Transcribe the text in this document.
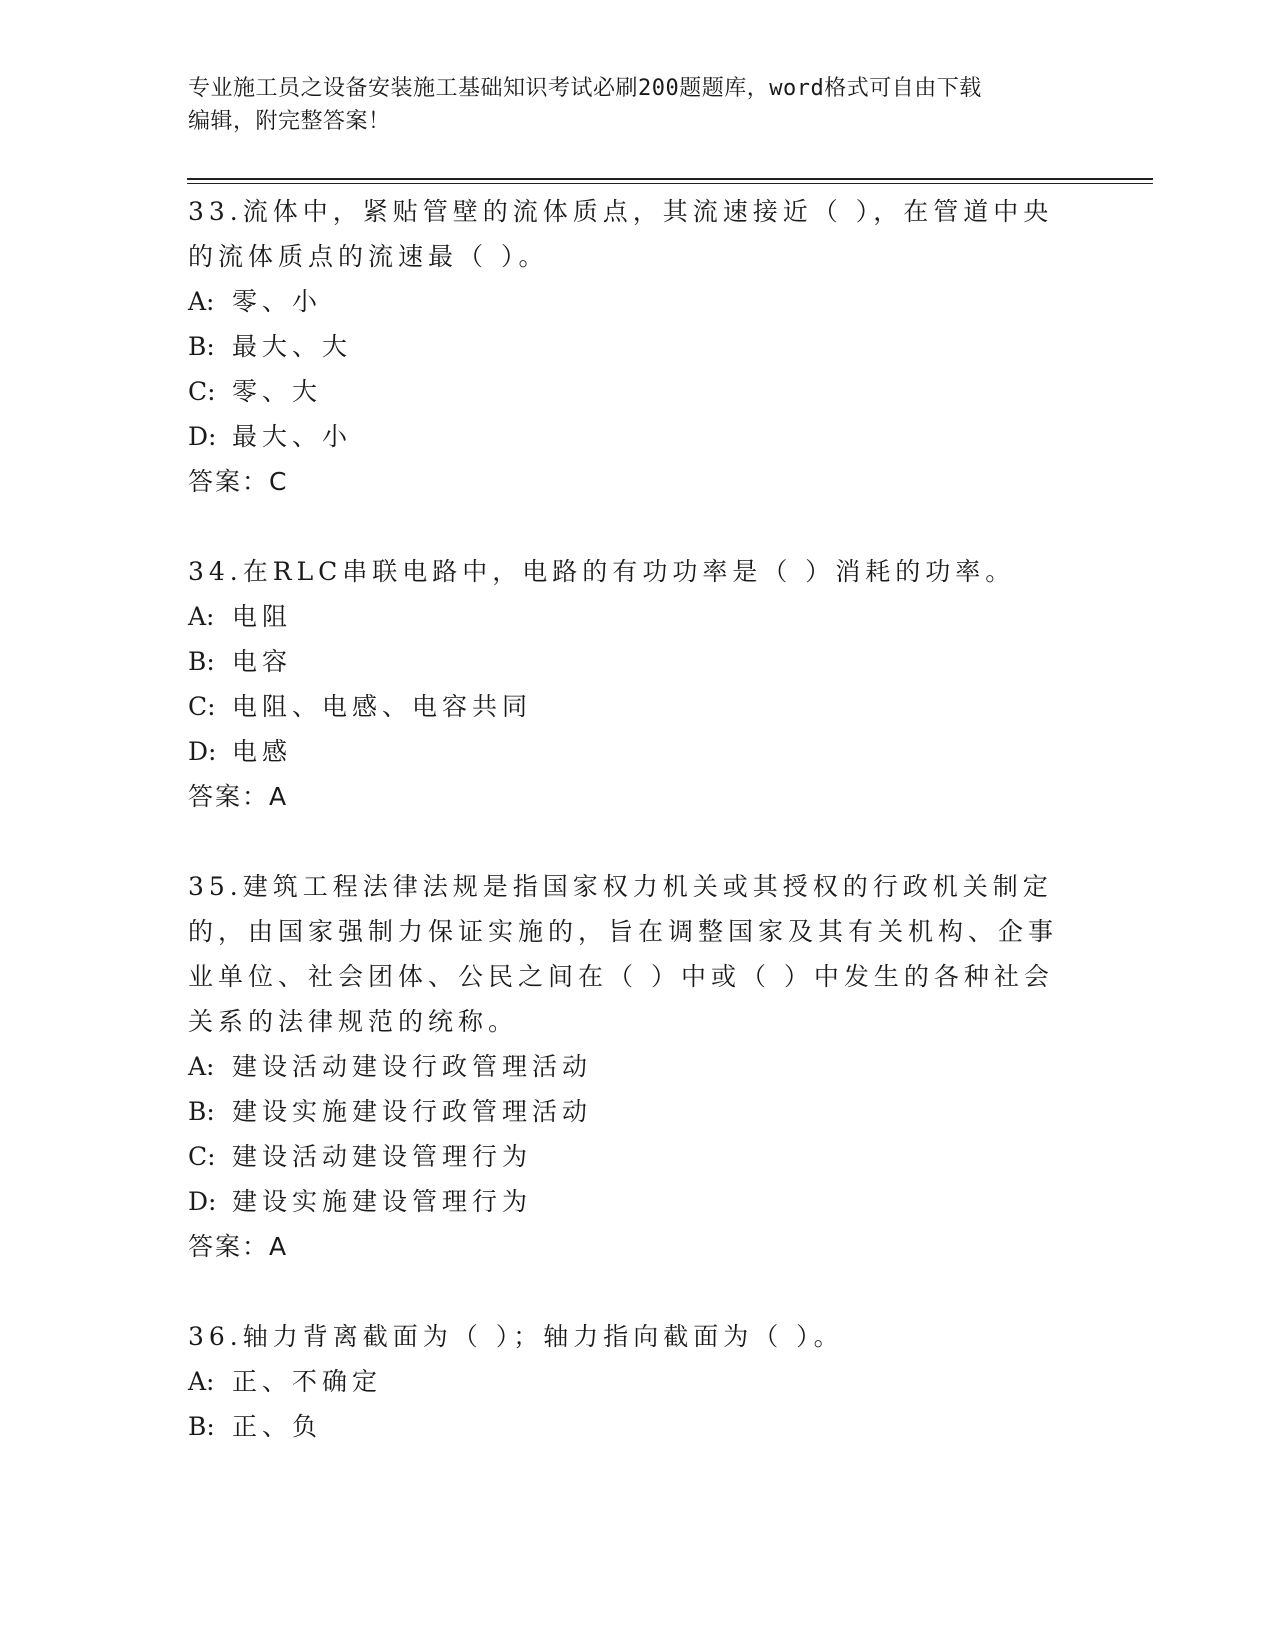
专业施工员之设备安装施工基础知识考试必刷200题题库，word格式可自由下载
编辑，附完整答案！
33.流体中，紧贴管壁的流体质点，其流速接近（ ），在管道中央的流体质点的流速最（ ）。
A: 零、小
B: 最大、大
C: 零、大
D: 最大、小
答案：C
34.在RLC串联电路中，电路的有功功率是（ ）消耗的功率。
A: 电阻
B: 电容
C: 电阻、电感、电容共同
D: 电感
答案：A
35.建筑工程法律法规是指国家权力机关或其授权的行政机关制定的，由国家强制力保证实施的，旨在调整国家及其有关机构、企事业单位、社会团体、公民之间在（ ）中或（ ）中发生的各种社会关系的法律规范的统称。
A: 建设活动建设行政管理活动
B: 建设实施建设行政管理活动
C: 建设活动建设管理行为
D: 建设实施建设管理行为
答案：A
36.轴力背离截面为（ ）；轴力指向截面为（ ）。
A: 正、不确定
B: 正、负
